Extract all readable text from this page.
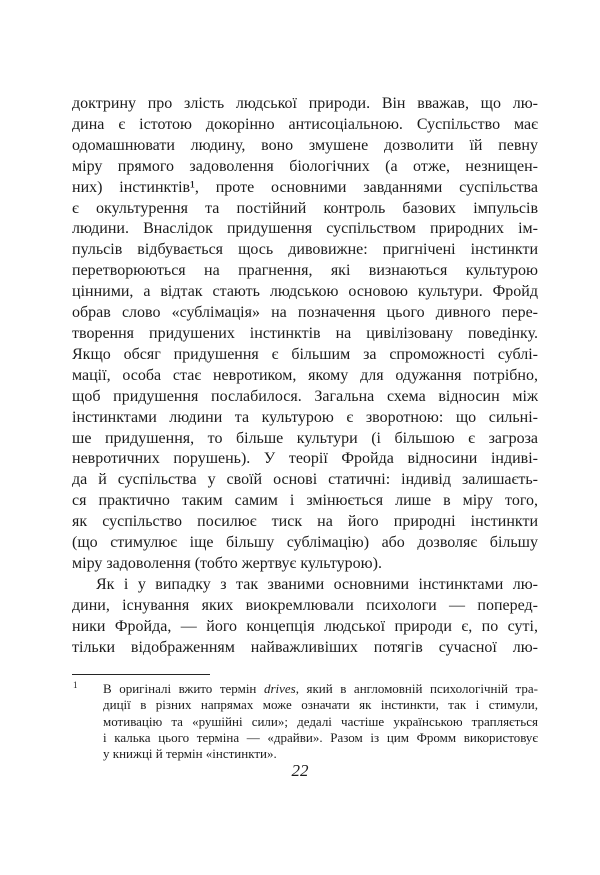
доктрину про злість людської природи. Він вважав, що лю-
дина є істотою докорінно антисоціальною. Суспільство має
одомашнювати людину, воно змушене дозволити їй певну
міру прямого задоволення біологічних (а отже, незнищен-
них) інстинктів¹, проте основними завданнями суспільства
є окультурення та постійний контроль базових імпульсів
людини. Внаслідок придушення суспільством природних ім-
пульсів відбувається щось дивовижне: пригнічені інстинкти
перетворюються на прагнення, які визнаються культурою
цінними, а відтак стають людською основою культури. Фройд
обрав слово «сублімація» на позначення цього дивного пере-
творення придушених інстинктів на цивілізовану поведінку.
Якщо обсяг придушення є більшим за спроможності сублі-
мації, особа стає невротиком, якому для одужання потрібно,
щоб придушення послабилося. Загальна схема відносин між
інстинктами людини та культурою є зворотною: що сильні-
ше придушення, то більше культури (і більшою є загроза
невротичних порушень). У теорії Фройда відносини індиві-
да й суспільства у своїй основі статичні: індивід залишаєть-
ся практично таким самим і змінюється лише в міру того,
як суспільство посилює тиск на його природні інстинкти
(що стимулює іще більшу сублімацію) або дозволяє більшу
міру задоволення (тобто жертвує культурою).
Як і у випадку з так званими основними інстинктами лю-
дини, існування яких виокремлювали психологи — поперед-
ники Фройда, — його концепція людської природи є, по суті,
тільки відображенням найважливіших потягів сучасної лю-
1 В оригіналі вжито термін drives, який в англомовній психологічній тра-
диції в різних напрямах може означати як інстинкти, так і стимули,
мотивацію та «рушійні сили»; дедалі частіше українською трапляється
і калька цього терміна — «драйви». Разом із цим Фромм використовує
у книжці й термін «інстинкти».
22
